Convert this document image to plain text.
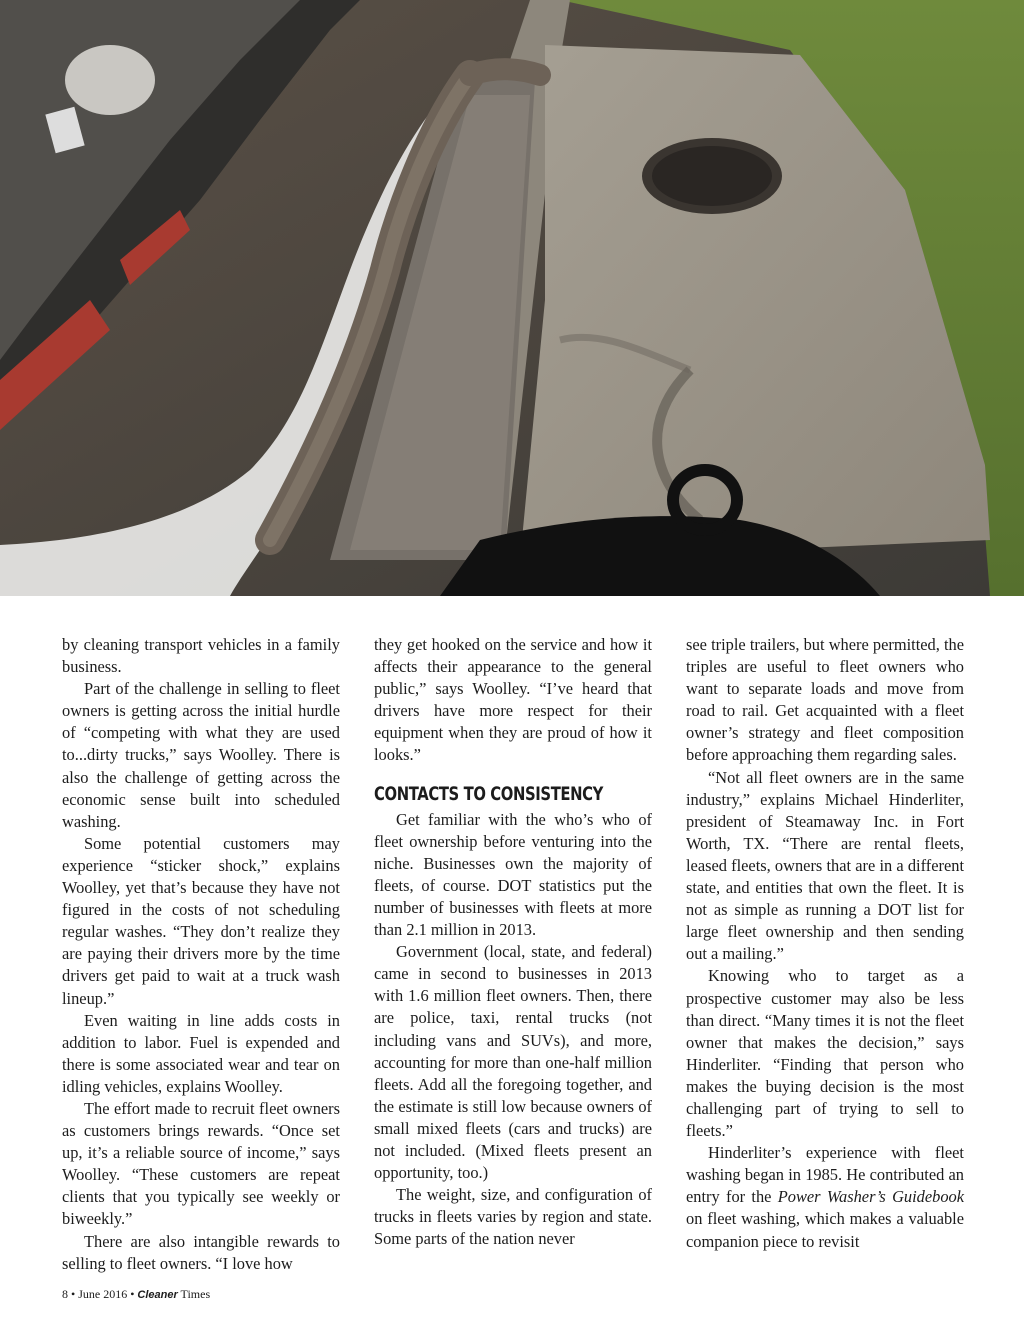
by cleaning transport vehicles in a family business.

Part of the challenge in selling to fleet owners is getting across the initial hurdle of “competing with what they are used to...dirty trucks,” says Woolley. There is also the challenge of getting across the economic sense built into scheduled washing.

Some potential customers may experience “sticker shock,” explains Woolley, yet that’s because they have not figured in the costs of not scheduling regular washes. “They don’t realize they are paying their drivers more by the time drivers get paid to wait at a truck wash lineup.”

Even waiting in line adds costs in addition to labor. Fuel is expended and there is some associated wear and tear on idling vehicles, explains Woolley.

The effort made to recruit fleet owners as customers brings rewards. “Once set up, it’s a reliable source of income,” says Woolley. “These customers are repeat clients that you typically see weekly or biweekly.”

There are also intangible rewards to selling to fleet owners. “I love how

they get hooked on the service and how it affects their appearance to the general public,” says Woolley. “I’ve heard that drivers have more respect for their equipment when they are proud of how it looks.”

CONTACTS TO CONSISTENCY

Get familiar with the who’s who of fleet ownership before venturing into the niche. Businesses own the majority of fleets, of course. DOT statistics put the number of businesses with fleets at more than 2.1 million in 2013.

Government (local, state, and federal) came in second to businesses in 2013 with 1.6 million fleet owners. Then, there are police, taxi, rental trucks (not including vans and SUVs), and more, accounting for more than one-half million fleets. Add all the foregoing together, and the estimate is still low because owners of small mixed fleets (cars and trucks) are not included. (Mixed fleets present an opportunity, too.)

The weight, size, and configuration of trucks in fleets varies by region and state. Some parts of the nation never

see triple trailers, but where permitted, the triples are useful to fleet owners who want to separate loads and move from road to rail. Get acquainted with a fleet owner’s strategy and fleet composition before approaching them regarding sales.

“Not all fleet owners are in the same industry,” explains Michael Hinderliter, president of Steamaway Inc. in Fort Worth, TX. “There are rental fleets, leased fleets, owners that are in a different state, and entities that own the fleet. It is not as simple as running a DOT list for large fleet ownership and then sending out a mailing.”

Knowing who to target as a prospective customer may also be less than direct. “Many times it is not the fleet owner that makes the decision,” says Hinderliter. “Finding that person who makes the buying decision is the most challenging part of trying to sell to fleets.”

Hinderliter’s experience with fleet washing began in 1985. He contributed an entry for the Power Washer’s Guidebook on fleet washing, which makes a valuable companion piece to revisit

8 • June 2016 • Cleaner Times
